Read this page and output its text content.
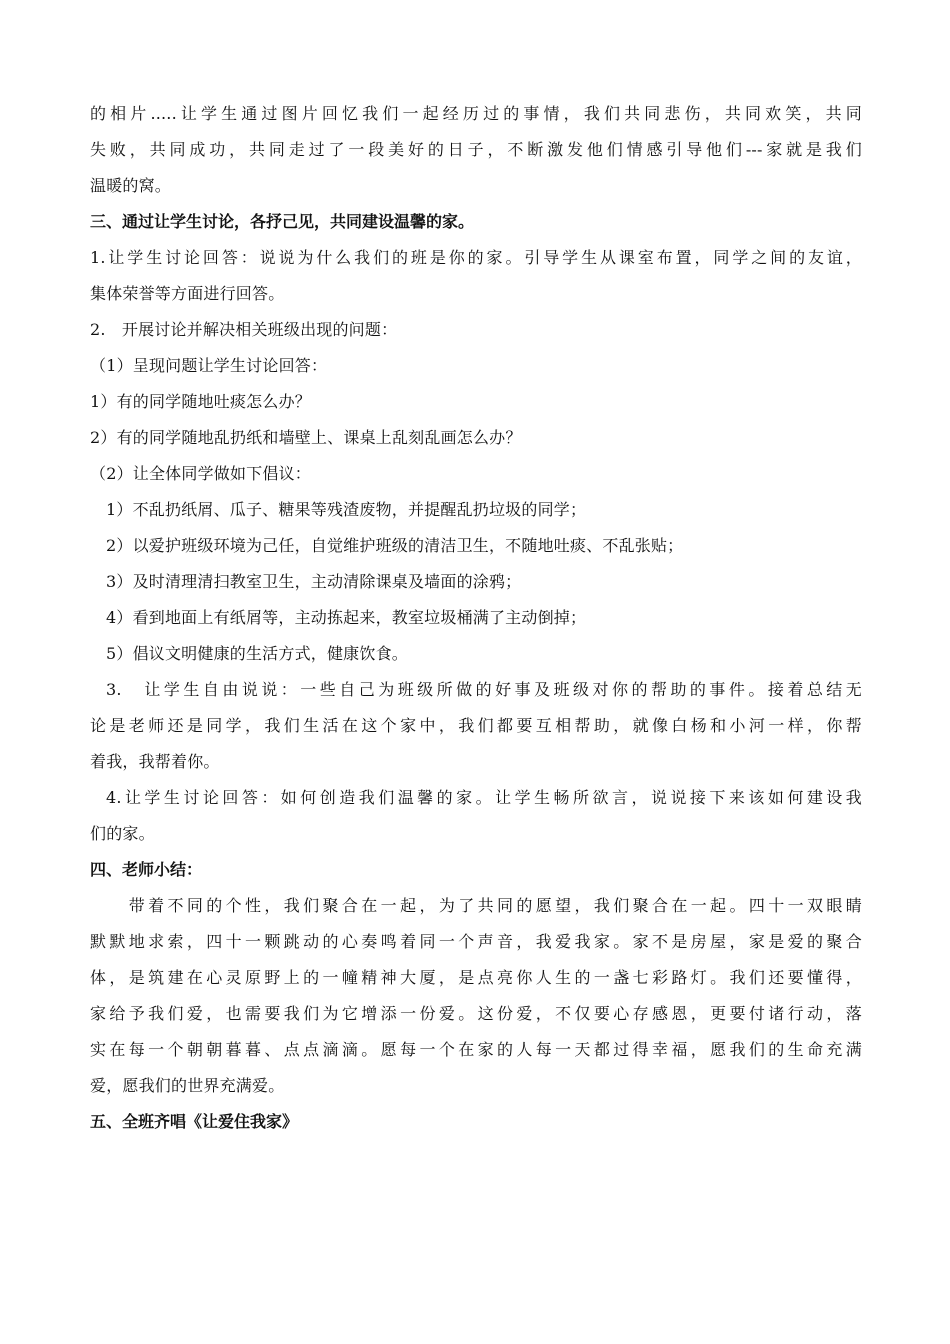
的相片.....让学生通过图片回忆我们一起经历过的事情，我们共同悲伤，共同欢笑，共同
失败，共同成功，共同走过了一段美好的日子，不断激发他们情感引导他们---家就是我们
温暖的窝。
三、通过让学生讨论，各抒己见，共同建设温馨的家。
1.让学生讨论回答：说说为什么我们的班是你的家。引导学生从课室布置，同学之间的友谊，
集体荣誉等方面进行回答。
2.　开展讨论并解决相关班级出现的问题：
（1）呈现问题让学生讨论回答：
1）有的同学随地吐痰怎么办？
2）有的同学随地乱扔纸和墙壁上、课桌上乱刻乱画怎么办？
（2）让全体同学做如下倡议：
1）不乱扔纸屑、瓜子、糖果等残渣废物，并提醒乱扔垃圾的同学；
2）以爱护班级环境为己任，自觉维护班级的清洁卫生，不随地吐痰、不乱张贴；
3）及时清理清扫教室卫生，主动清除课桌及墙面的涂鸦；
4）看到地面上有纸屑等，主动拣起来，教室垃圾桶满了主动倒掉；
5）倡议文明健康的生活方式，健康饮食。
3.　让学生自由说说：一些自己为班级所做的好事及班级对你的帮助的事件。接着总结无
论是老师还是同学，我们生活在这个家中，我们都要互相帮助，就像白杨和小河一样，你帮
着我，我帮着你。
4.让学生讨论回答：如何创造我们温馨的家。让学生畅所欲言，说说接下来该如何建设我
们的家。
四、老师小结：
　　带着不同的个性，我们聚合在一起，为了共同的愿望，我们聚合在一起。四十一双眼睛
默默地求索，四十一颗跳动的心奏鸣着同一个声音，我爱我家。家不是房屋，家是爱的聚合
体，是筑建在心灵原野上的一幢精神大厦，是点亮你人生的一盏七彩路灯。我们还要懂得，
家给予我们爱，也需要我们为它增添一份爱。这份爱，不仅要心存感恩，更要付诸行动，落
实在每一个朝朝暮暮、点点滴滴。愿每一个在家的人每一天都过得幸福，愿我们的生命充满
爱，愿我们的世界充满爱。
五、全班齐唱《让爱住我家》
